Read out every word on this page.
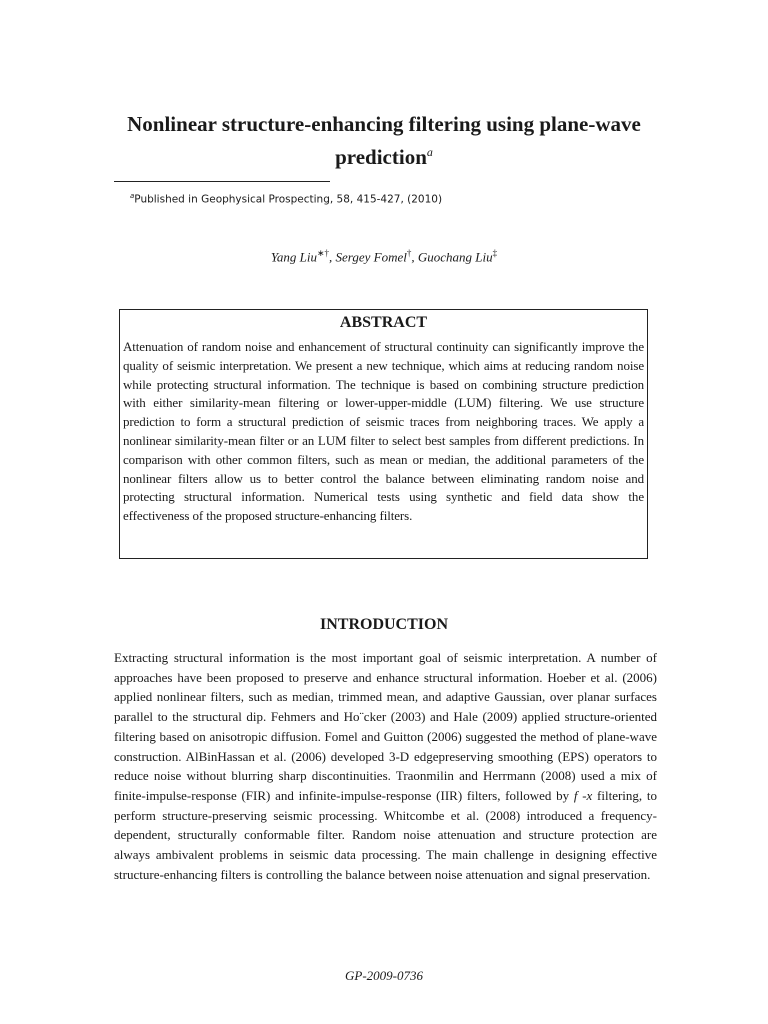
Nonlinear structure-enhancing filtering using plane-wave prediction$^a$
$^a$Published in Geophysical Prospecting, 58, 415-427, (2010)
Yang Liu∗†, Sergey Fomel†, Guochang Liu‡
ABSTRACT

Attenuation of random noise and enhancement of structural continuity can significantly improve the quality of seismic interpretation. We present a new technique, which aims at reducing random noise while protecting structural information. The technique is based on combining structure prediction with either similarity-mean filtering or lower-upper-middle (LUM) filtering. We use structure prediction to form a structural prediction of seismic traces from neighboring traces. We apply a nonlinear similarity-mean filter or an LUM filter to select best samples from different predictions. In comparison with other common filters, such as mean or median, the additional parameters of the nonlinear filters allow us to better control the balance between eliminating random noise and protecting structural information. Numerical tests using synthetic and field data show the effectiveness of the proposed structure-enhancing filters.

INTRODUCTION

Extracting structural information is the most important goal of seismic interpretation. A number of approaches have been proposed to preserve and enhance structural information. Hoeber et al. (2006) applied nonlinear filters, such as median, trimmed mean, and adaptive Gaussian, over planar surfaces parallel to the structural dip. Fehmers and Ho¨cker (2003) and Hale (2009) applied structure-oriented filtering based on anisotropic diffusion. Fomel and Guitton (2006) suggested the method of plane-wave construction. AlBinHassan et al. (2006) developed 3-D edgepreserving smoothing (EPS) operators to reduce noise without blurring sharp discontinuities. Traonmilin and Herrmann (2008) used a mix of finite-impulse-response (FIR) and infinite-impulse-response (IIR) filters, followed by f -x filtering, to perform structure-preserving seismic processing. Whitcombe et al. (2008) introduced a frequency-dependent, structurally conformable filter. Random noise attenuation and structure protection are always ambivalent problems in seismic data processing. The main challenge in designing effective structure-enhancing filters is controlling the balance between noise attenuation and signal preservation.

GP-2009-0736
